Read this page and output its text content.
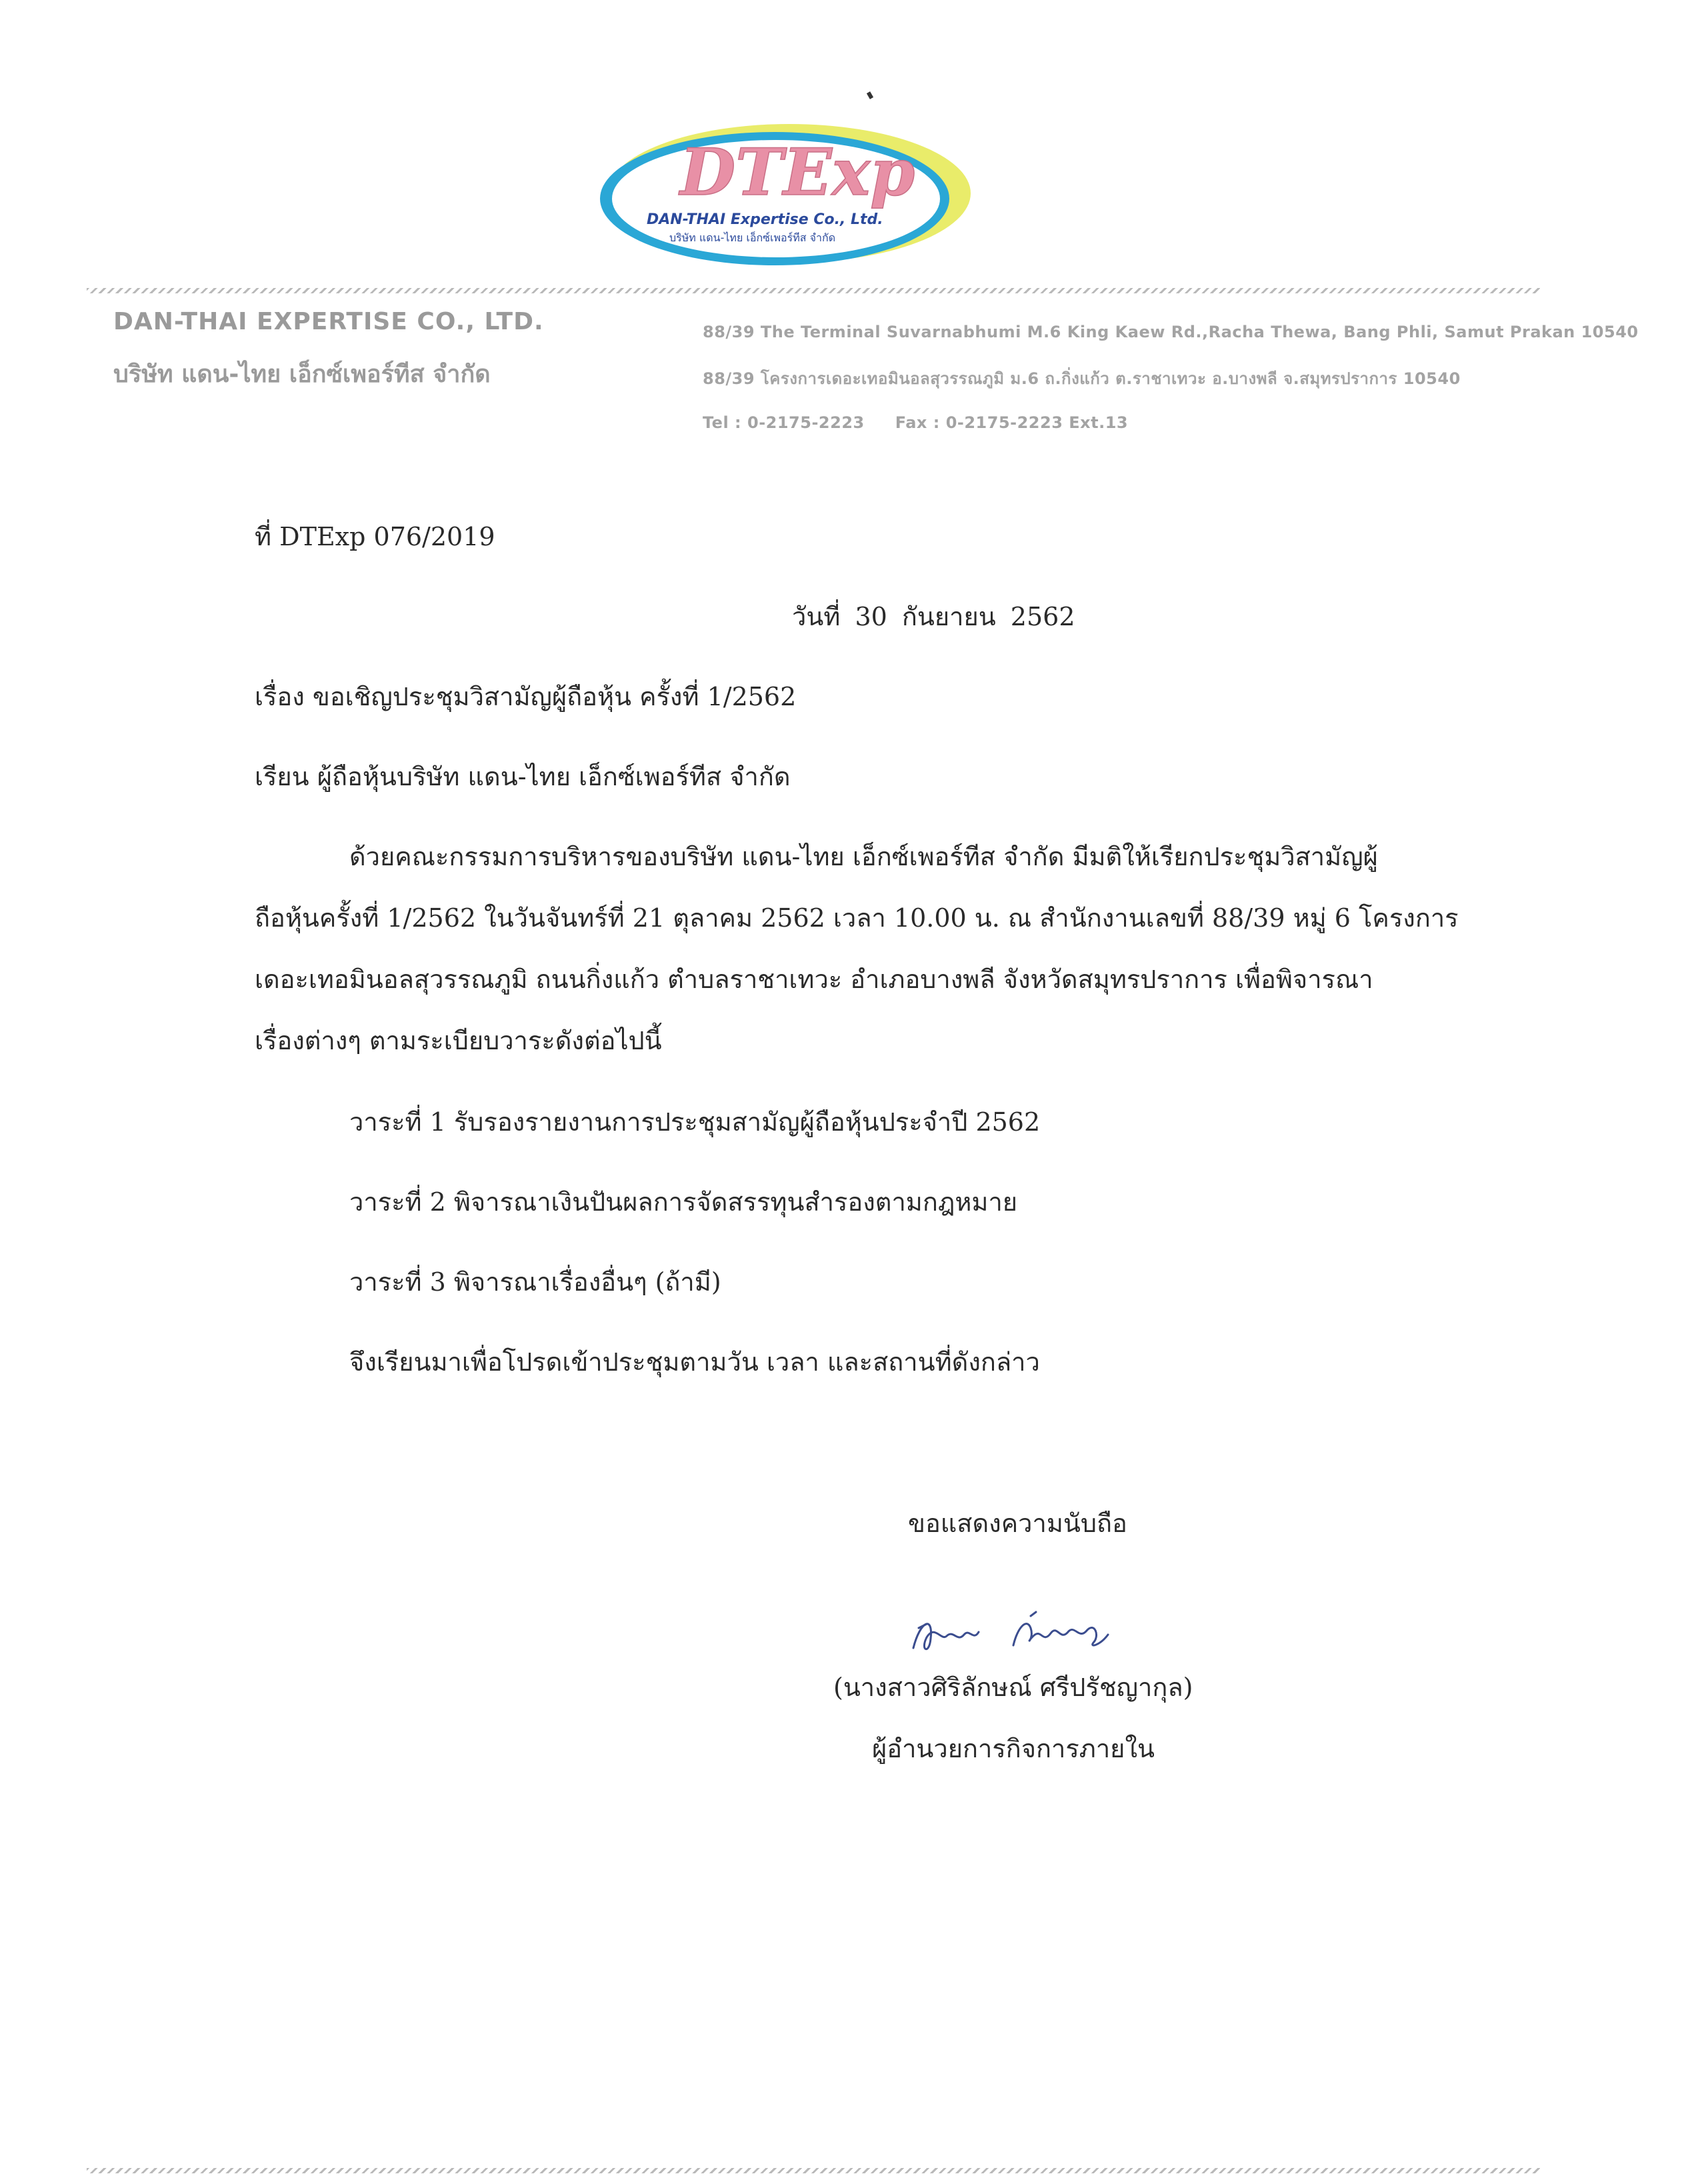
DTExp
DAN-THAI Expertise Co., Ltd.
บริษัท แดน-ไทย เอ็กซ์เพอร์ทีส จำกัด
DAN-THAI EXPERTISE CO., LTD.
บริษัท แดน-ไทย เอ็กซ์เพอร์ทีส จำกัด
88/39 The Terminal Suvarnabhumi M.6 King Kaew Rd.,Racha Thewa, Bang Phli, Samut Prakan 10540
88/39 โครงการเดอะเทอมินอลสุวรรณภูมิ ม.6 ถ.กิ่งแก้ว ต.ราชาเทวะ อ.บางพลี จ.สมุทรปราการ 10540
Tel : 0-2175-2223 Fax : 0-2175-2223 Ext.13
ที่ DTExp 076/2019
วันที่ 30 กันยายน 2562
เรื่อง ขอเชิญประชุมวิสามัญผู้ถือหุ้น ครั้งที่ 1/2562
เรียน ผู้ถือหุ้นบริษัท แดน-ไทย เอ็กซ์เพอร์ทีส จำกัด
ด้วยคณะกรรมการบริหารของบริษัท แดน-ไทย เอ็กซ์เพอร์ทีส จำกัด มีมติให้เรียกประชุมวิสามัญผู้
ถือหุ้นครั้งที่ 1/2562 ในวันจันทร์ที่ 21 ตุลาคม 2562 เวลา 10.00 น. ณ สำนักงานเลขที่ 88/39 หมู่ 6 โครงการ
เดอะเทอมินอลสุวรรณภูมิ ถนนกิ่งแก้ว ตำบลราชาเทวะ อำเภอบางพลี จังหวัดสมุทรปราการ เพื่อพิจารณา
เรื่องต่างๆ ตามระเบียบวาระดังต่อไปนี้
วาระที่ 1 รับรองรายงานการประชุมสามัญผู้ถือหุ้นประจำปี 2562
วาระที่ 2 พิจารณาเงินปันผลการจัดสรรทุนสำรองตามกฎหมาย
วาระที่ 3 พิจารณาเรื่องอื่นๆ (ถ้ามี)
จึงเรียนมาเพื่อโปรดเข้าประชุมตามวัน เวลา และสถานที่ดังกล่าว
ขอแสดงความนับถือ
(นางสาวศิริลักษณ์ ศรีปรัชญากุล)
ผู้อำนวยการกิจการภายใน
